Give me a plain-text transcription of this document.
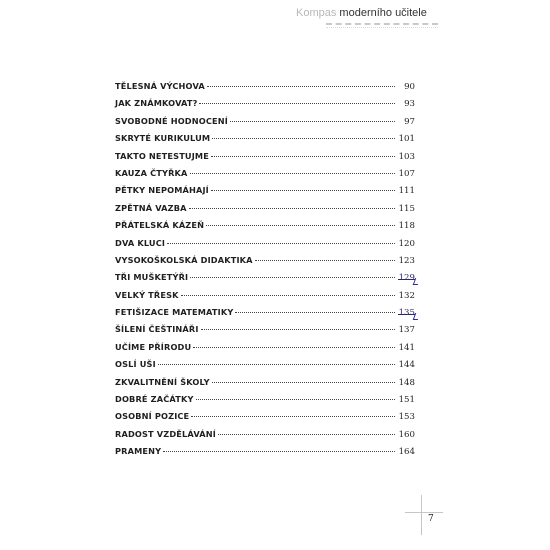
Kompas moderního učitele
TĚLESNÁ VÝCHOVA	90
JAK ZNÁMKOVAT?	93
SVOBODNÉ HODNOCENÍ	97
SKRYTÉ KURIKULUM	101
TAKTO NETESTUJME	103
KAUZA ČTYŘKA	107
PĚTKY NEPOMÁHAJÍ	111
ZPĚTNÁ VAZBA	115
PŘÁTELSKÁ KÁZEŇ	118
DVA KLUCI	120
VYSOKOŠKOLSKÁ DIDAKTIKA	123
TŘI MUŠKETÝŘI	129
VELKÝ TŘESK	132
FETIŠIZACE MATEMATIKY	135
ŠÍLENÍ ČEŠTINÁŘI	137
UČÍME PŘÍRODU	141
OSLÍ UŠI	144
ZKVALITNĚNÍ ŠKOLY	148
DOBRÉ ZAČÁTKY	151
OSOBNÍ POZICE	153
RADOST VZDĚLÁVÁNÍ	160
PRAMENY	164
7
